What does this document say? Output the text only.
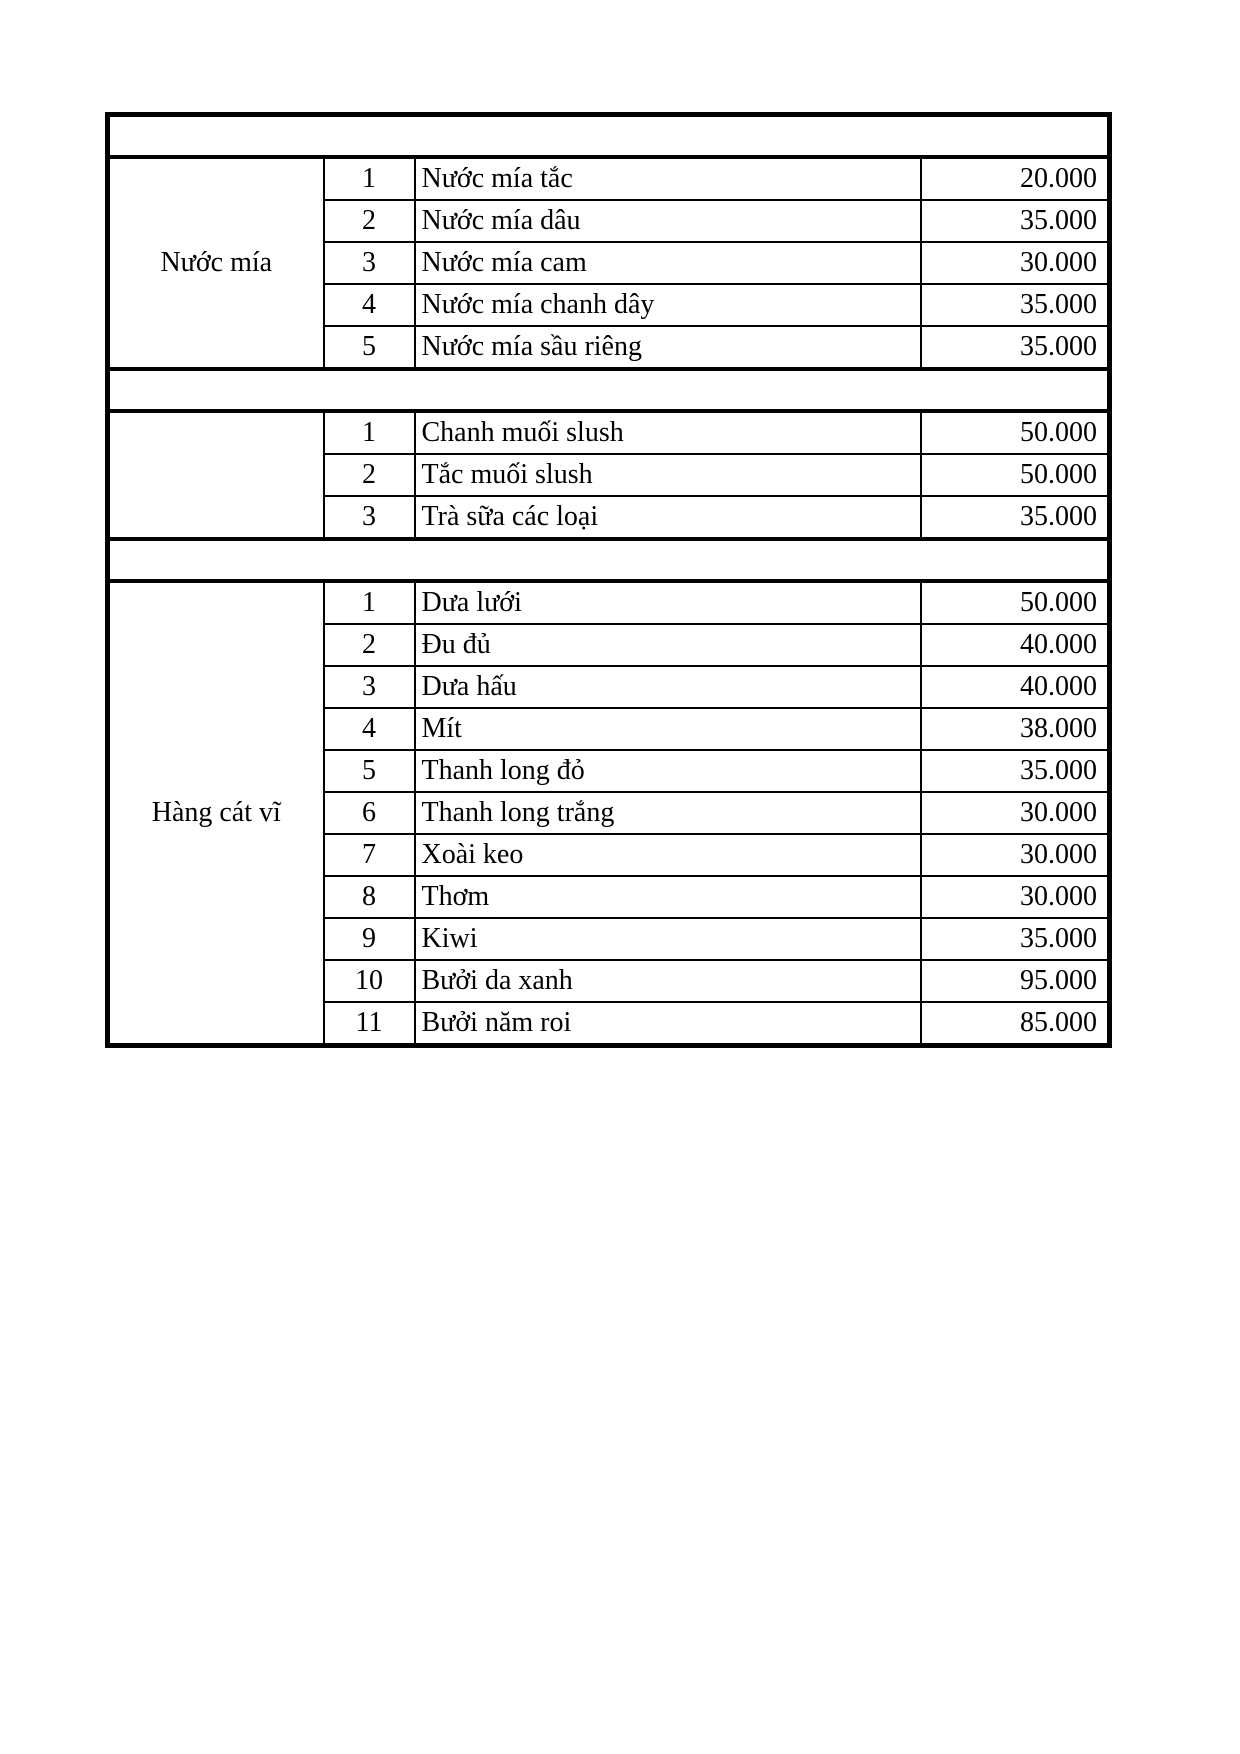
Nước mía	1	Nước mía tắc	20.000
	2	Nước mía dâu	35.000
	3	Nước mía cam	30.000
	4	Nước mía chanh dây	35.000
	5	Nước mía sầu riêng	35.000

	1	Chanh muối slush	50.000
	2	Tắc muối slush	50.000
	3	Trà sữa các loại	35.000

Hàng cát vĩ	1	Dưa lưới	50.000
	2	Đu đủ	40.000
	3	Dưa hấu	40.000
	4	Mít	38.000
	5	Thanh long đỏ	35.000
	6	Thanh long trắng	30.000
	7	Xoài keo	30.000
	8	Thơm	30.000
	9	Kiwi	35.000
	10	Bưởi da xanh	95.000
	11	Bưởi năm roi	85.000
